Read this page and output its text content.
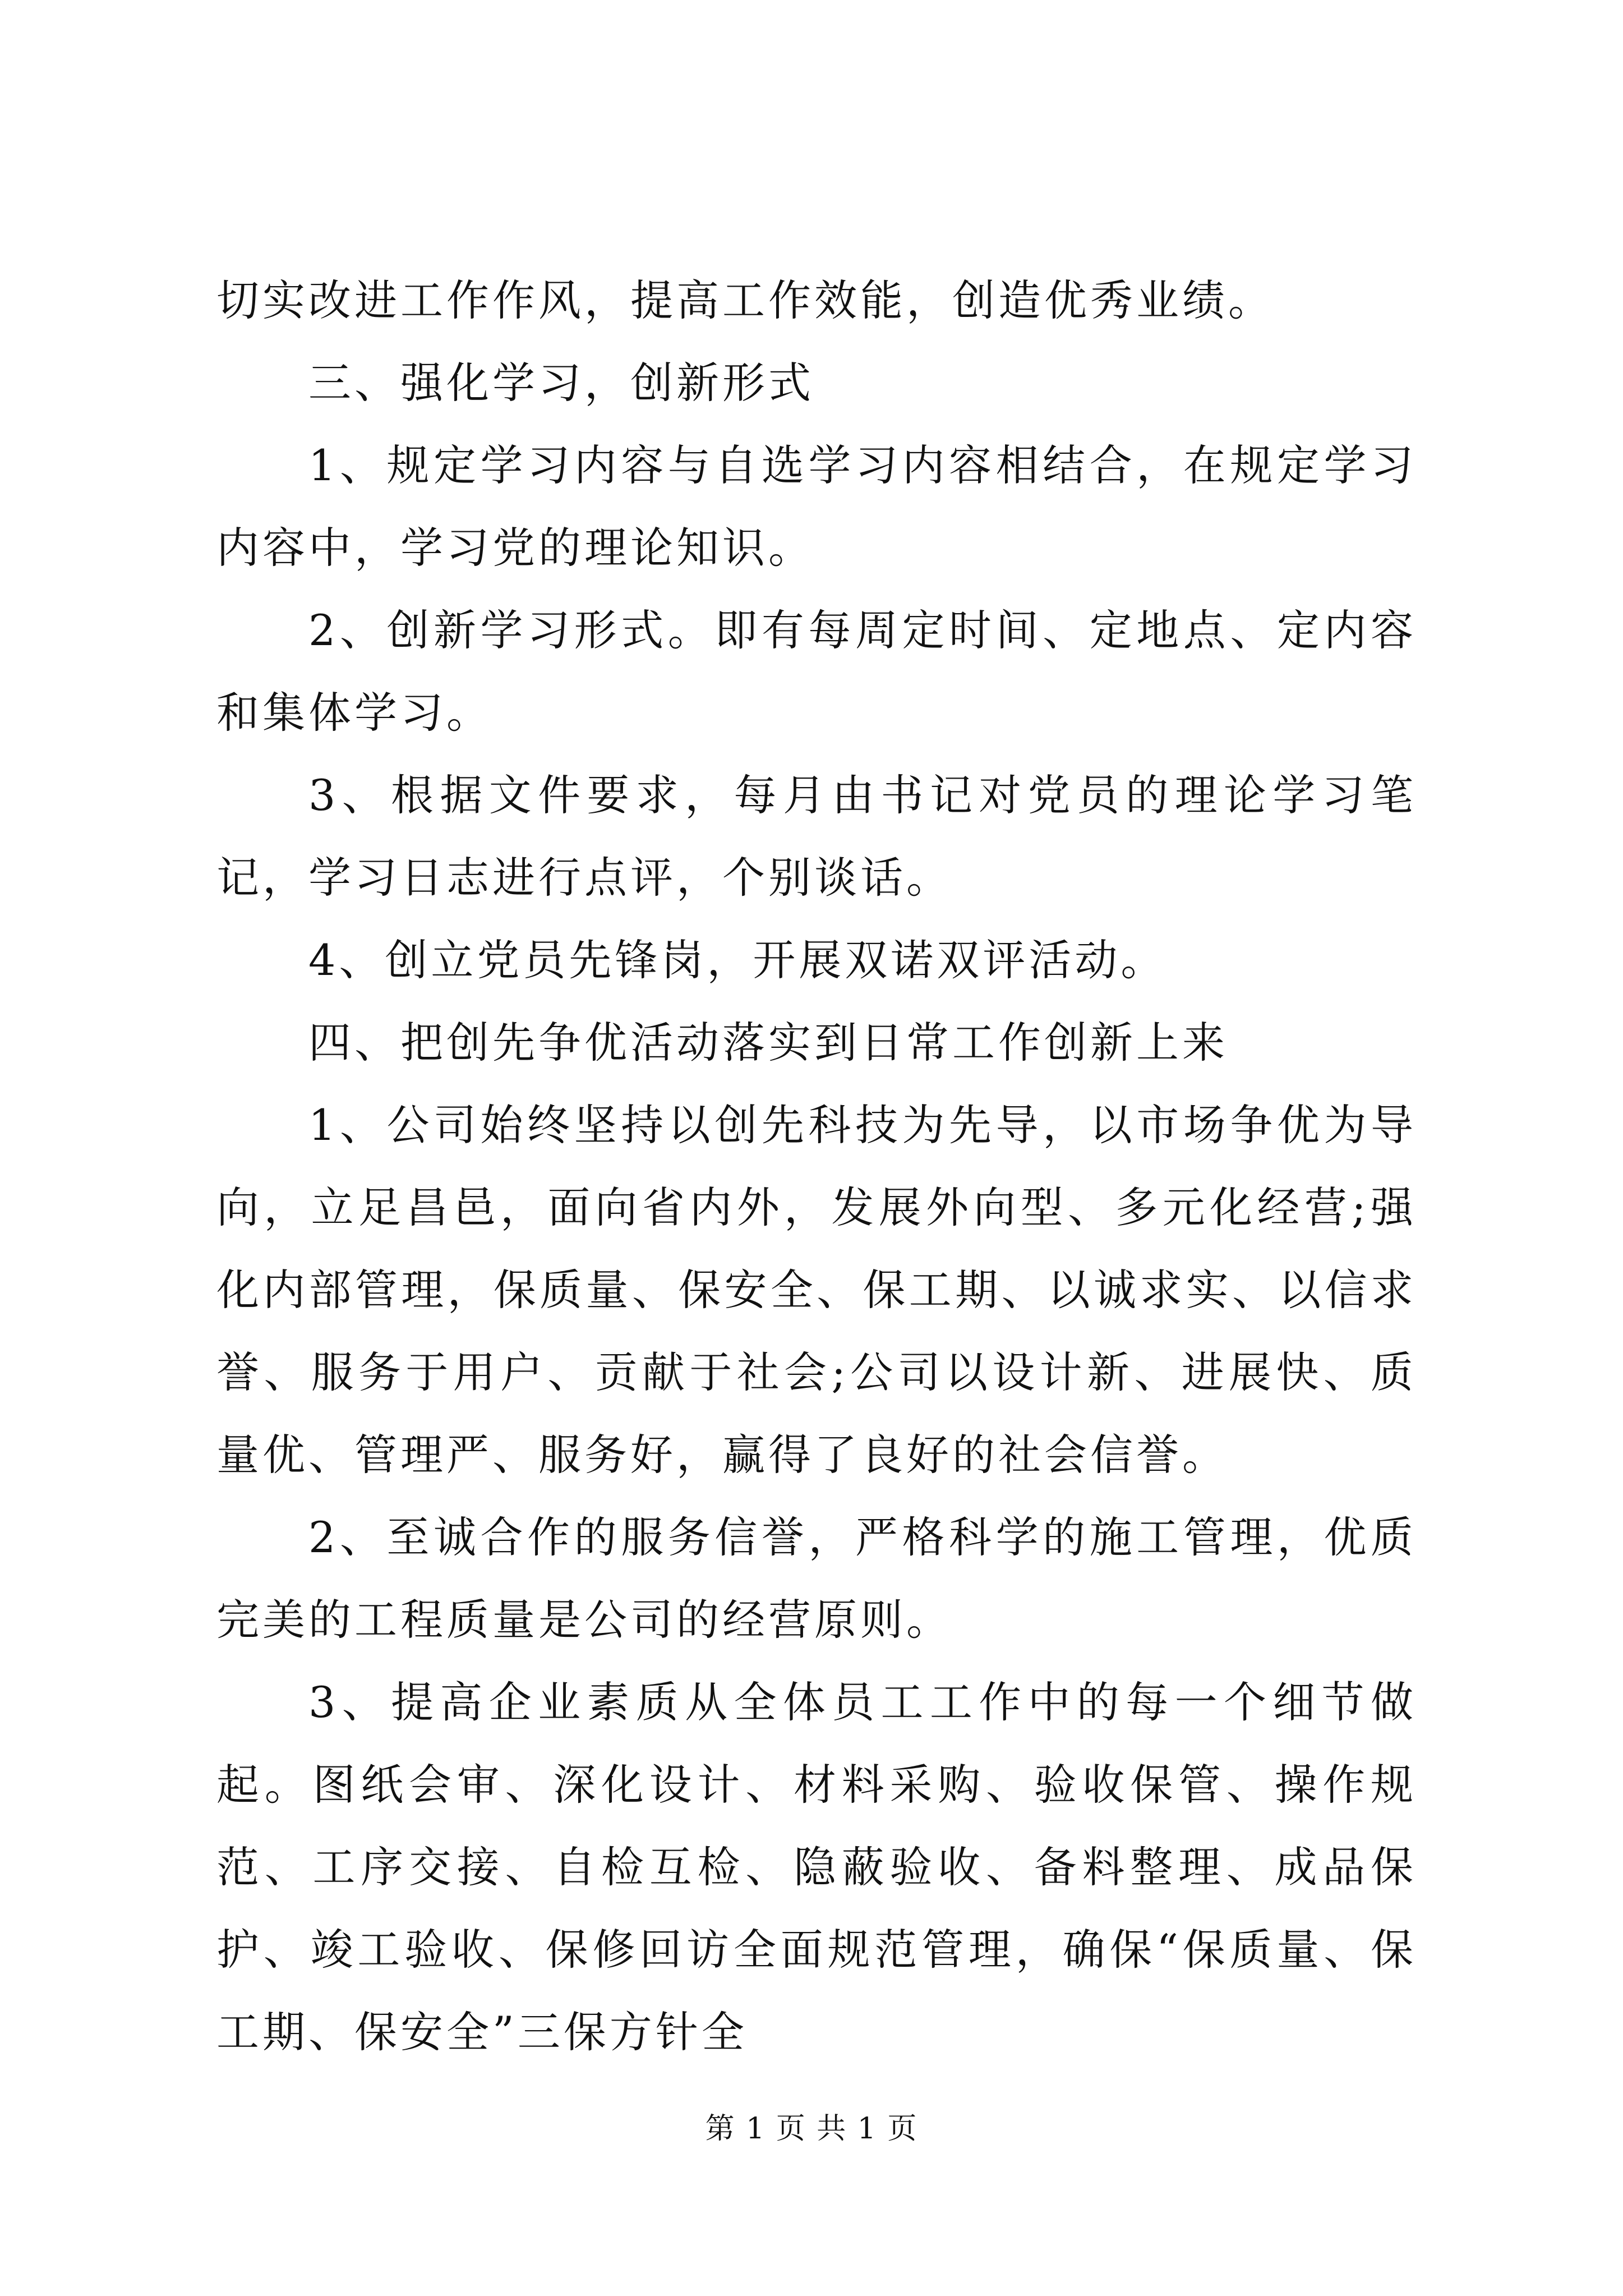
切实改进工作作风，提高工作效能，创造优秀业绩。

三、强化学习，创新形式

1、规定学习内容与自选学习内容相结合，在规定学习内容中，学习党的理论知识。

2、创新学习形式。即有每周定时间、定地点、定内容和集体学习。

3、根据文件要求，每月由书记对党员的理论学习笔记，学习日志进行点评，个别谈话。

4、创立党员先锋岗，开展双诺双评活动。

四、把创先争优活动落实到日常工作创新上来

1、公司始终坚持以创先科技为先导，以市场争优为导向，立足昌邑，面向省内外，发展外向型、多元化经营;强化内部管理，保质量、保安全、保工期、以诚求实、以信求誉、服务于用户、贡献于社会;公司以设计新、进展快、质量优、管理严、服务好，赢得了良好的社会信誉。

2、至诚合作的服务信誉，严格科学的施工管理，优质完美的工程质量是公司的经营原则。

3、提高企业素质从全体员工工作中的每一个细节做起。图纸会审、深化设计、材料采购、验收保管、操作规范、工序交接、自检互检、隐蔽验收、备料整理、成品保护、竣工验收、保修回访全面规范管理，确保“保质量、保工期、保安全”三保方针全

第 1 页 共 1 页
